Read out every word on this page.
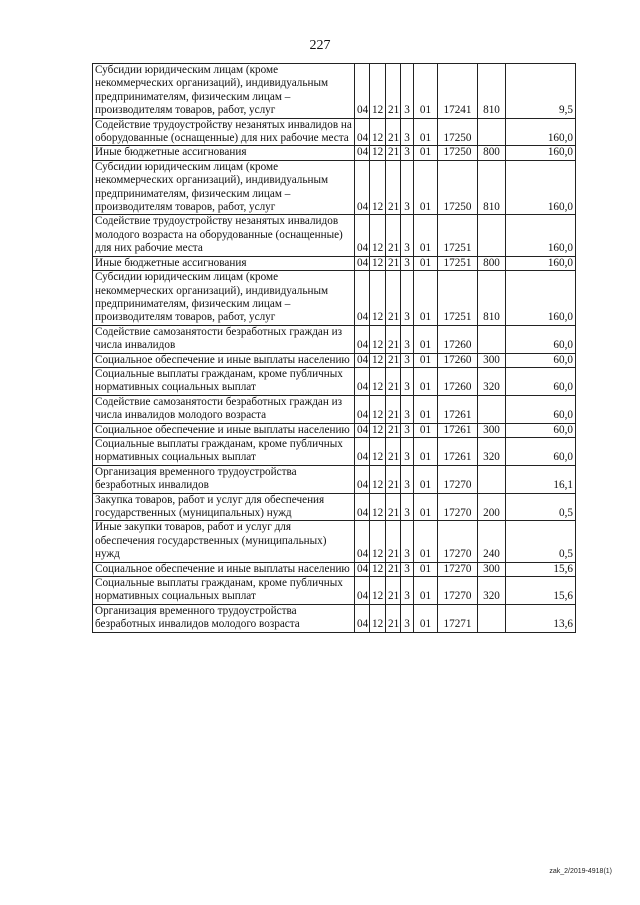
227
Субсидии юридическим лицам (кроме некоммерческих организаций), индивидуальным предпринимателям, физическим лицам – производителям товаров, работ, услуг	04	12	21	3	01	17241	810	9,5
Содействие трудоустройству незанятых инвалидов на оборудованные (оснащенные) для них рабочие места	04	12	21	3	01	17250		160,0
Иные бюджетные ассигнования	04	12	21	3	01	17250	800	160,0
Субсидии юридическим лицам (кроме некоммерческих организаций), индивидуальным предпринимателям, физическим лицам – производителям товаров, работ, услуг	04	12	21	3	01	17250	810	160,0
Содействие трудоустройству незанятых инвалидов молодого возраста на оборудованные (оснащенные) для них рабочие места	04	12	21	3	01	17251		160,0
Иные бюджетные ассигнования	04	12	21	3	01	17251	800	160,0
Субсидии юридическим лицам (кроме некоммерческих организаций), индивидуальным предпринимателям, физическим лицам – производителям товаров, работ, услуг	04	12	21	3	01	17251	810	160,0
Содействие самозанятости безработных граждан из числа инвалидов	04	12	21	3	01	17260		60,0
Социальное обеспечение и иные выплаты населению	04	12	21	3	01	17260	300	60,0
Социальные выплаты гражданам, кроме публичных нормативных социальных выплат	04	12	21	3	01	17260	320	60,0
Содействие самозанятости безработных граждан из числа инвалидов молодого возраста	04	12	21	3	01	17261		60,0
Социальное обеспечение и иные выплаты населению	04	12	21	3	01	17261	300	60,0
Социальные выплаты гражданам, кроме публичных нормативных социальных выплат	04	12	21	3	01	17261	320	60,0
Организация временного трудоустройства безработных инвалидов	04	12	21	3	01	17270		16,1
Закупка товаров, работ и услуг для обеспечения государственных (муниципальных) нужд	04	12	21	3	01	17270	200	0,5
Иные закупки товаров, работ и услуг для обеспечения государственных (муниципальных) нужд	04	12	21	3	01	17270	240	0,5
Социальное обеспечение и иные выплаты населению	04	12	21	3	01	17270	300	15,6
Социальные выплаты гражданам, кроме публичных нормативных социальных выплат	04	12	21	3	01	17270	320	15,6
Организация временного трудоустройства безработных инвалидов молодого возраста	04	12	21	3	01	17271		13,6
zak_2/2019-4918(1)
